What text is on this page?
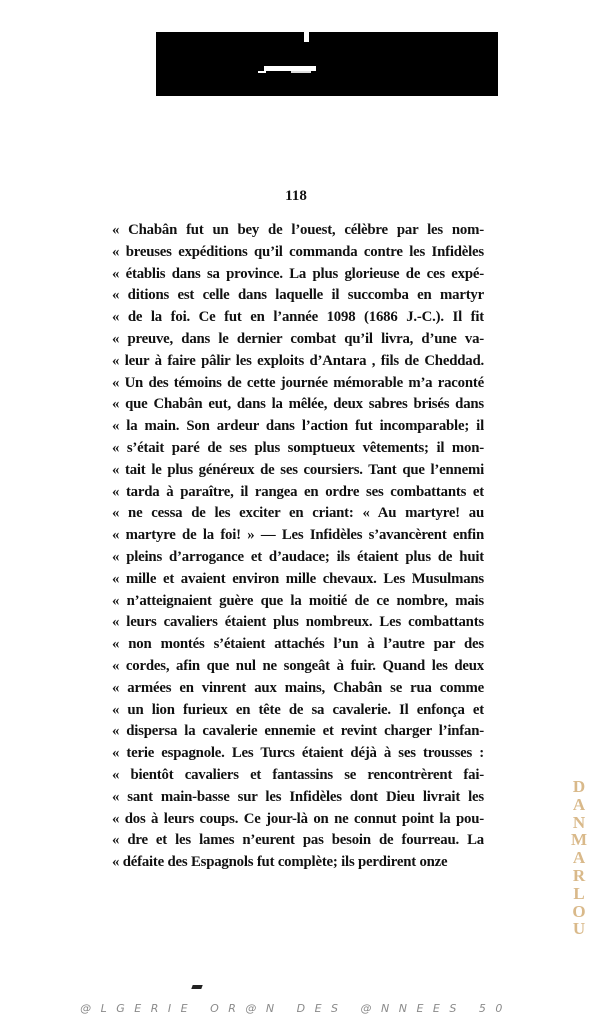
118
« Chabân fut un bey de l’ouest, célèbre par les nom-
« breuses expéditions qu’il commanda contre les Infidèles
« établis dans sa province. La plus glorieuse de ces expé-
« ditions est celle dans laquelle il succomba en martyr
« de la foi. Ce fut en l’année 1098 (1686 J.-C.). Il fit
« preuve, dans le dernier combat qu’il livra, d’une va-
« leur à faire pâlir les exploits d’Antara , fils de Cheddad.
« Un des témoins de cette journée mémorable m’a raconté
« que Chabân eut, dans la mêlée, deux sabres brisés dans
« la main. Son ardeur dans l’action fut incomparable; il
« s’était paré de ses plus somptueux vêtements; il mon-
« tait le plus généreux de ses coursiers. Tant que l’ennemi
« tarda à paraître, il rangea en ordre ses combattants et
« ne cessa de les exciter en criant: « Au martyre! au
« martyre de la foi! » — Les Infidèles s’avancèrent enfin
« pleins d’arrogance et d’audace; ils étaient plus de huit
« mille et avaient environ mille chevaux. Les Musulmans
« n’atteignaient guère que la moitié de ce nombre, mais
« leurs cavaliers étaient plus nombreux. Les combattants
« non montés s’étaient attachés l’un à l’autre par des
« cordes, afin que nul ne songeât à fuir. Quand les deux
« armées en vinrent aux mains, Chabân se rua comme
« un lion furieux en tête de sa cavalerie. Il enfonça et
« dispersa la cavalerie ennemie et revint charger l’infan-
« terie espagnole. Les Turcs étaient déjà à ses trousses :
« bientôt cavaliers et fantassins se rencontrèrent fai-
« sant main-basse sur les Infidèles dont Dieu livrait les
« dos à leurs coups. Ce jour-là on ne connut point la pou-
« dre et les lames n’eurent pas besoin de fourreau. La
« défaite des Espagnols fut complète; ils perdirent onze
D
A
N
M
A
R
L
O
U
@LGERIE OR@N DES @NNEES 50
